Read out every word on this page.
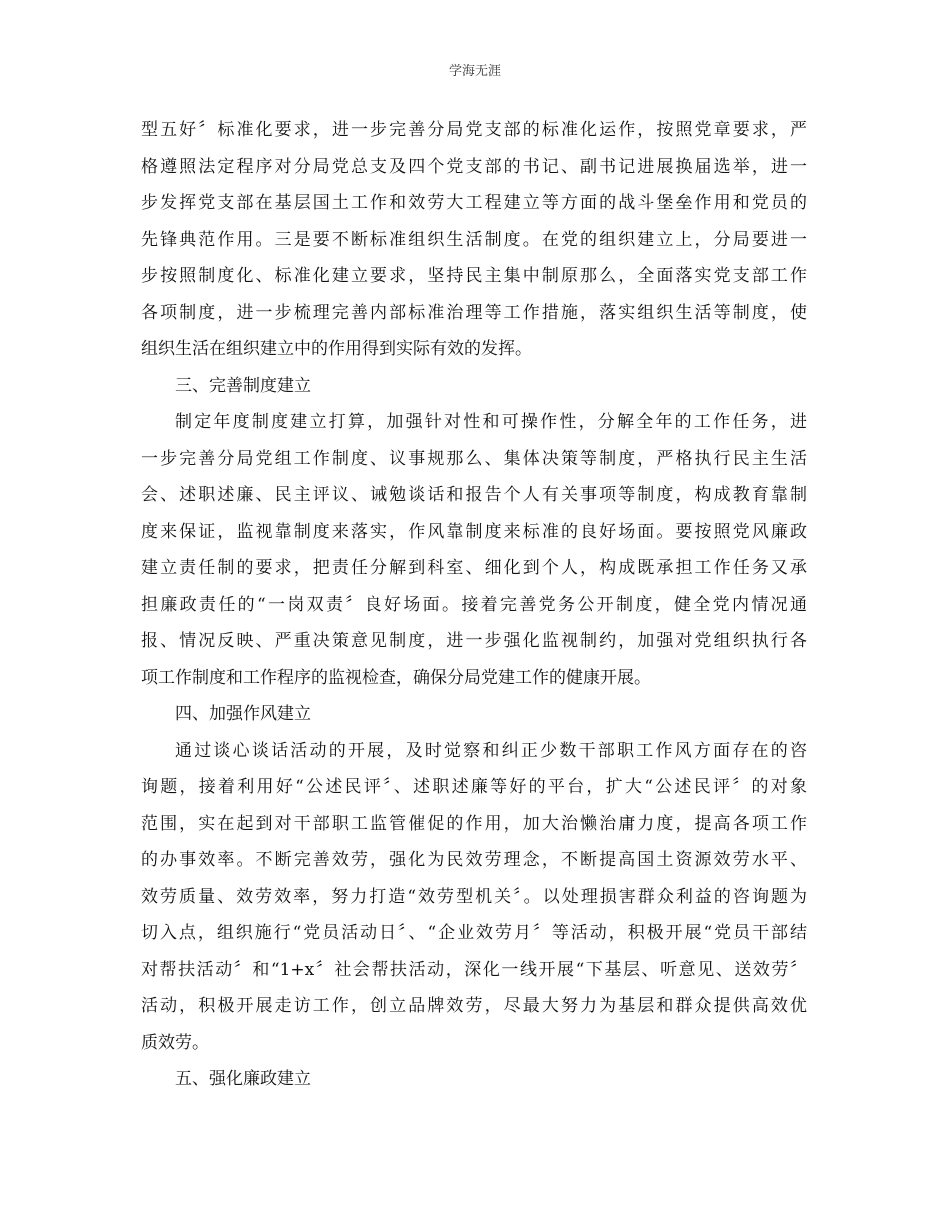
学海无涯
型五好〞标准化要求，进一步完善分局党支部的标准化运作，按照党章要求，严
格遵照法定程序对分局党总支及四个党支部的书记、副书记进展换届选举，进一
步发挥党支部在基层国土工作和效劳大工程建立等方面的战斗堡垒作用和党员的
先锋典范作用。三是要不断标准组织生活制度。在党的组织建立上，分局要进一
步按照制度化、标准化建立要求，坚持民主集中制原那么，全面落实党支部工作
各项制度，进一步梳理完善内部标准治理等工作措施，落实组织生活等制度，使
组织生活在组织建立中的作用得到实际有效的发挥。
三、完善制度建立
制定年度制度建立打算，加强针对性和可操作性，分解全年的工作任务，进
一步完善分局党组工作制度、议事规那么、集体决策等制度，严格执行民主生活
会、述职述廉、民主评议、诫勉谈话和报告个人有关事项等制度，构成教育靠制
度来保证，监视靠制度来落实，作风靠制度来标准的良好场面。要按照党风廉政
建立责任制的要求，把责任分解到科室、细化到个人，构成既承担工作任务又承
担廉政责任的“一岗双责〞良好场面。接着完善党务公开制度，健全党内情况通
报、情况反映、严重决策意见制度，进一步强化监视制约，加强对党组织执行各
项工作制度和工作程序的监视检查，确保分局党建工作的健康开展。
四、加强作风建立
通过谈心谈话活动的开展，及时觉察和纠正少数干部职工作风方面存在的咨
询题，接着利用好“公述民评〞、述职述廉等好的平台，扩大“公述民评〞的对象
范围，实在起到对干部职工监管催促的作用，加大治懒治庸力度，提高各项工作
的办事效率。不断完善效劳，强化为民效劳理念，不断提高国土资源效劳水平、
效劳质量、效劳效率，努力打造“效劳型机关〞。以处理损害群众利益的咨询题为
切入点，组织施行“党员活动日〞、“企业效劳月〞等活动，积极开展“党员干部结
对帮扶活动〞和“1+x〞社会帮扶活动，深化一线开展“下基层、听意见、送效劳〞
活动，积极开展走访工作，创立品牌效劳，尽最大努力为基层和群众提供高效优
质效劳。
五、强化廉政建立
